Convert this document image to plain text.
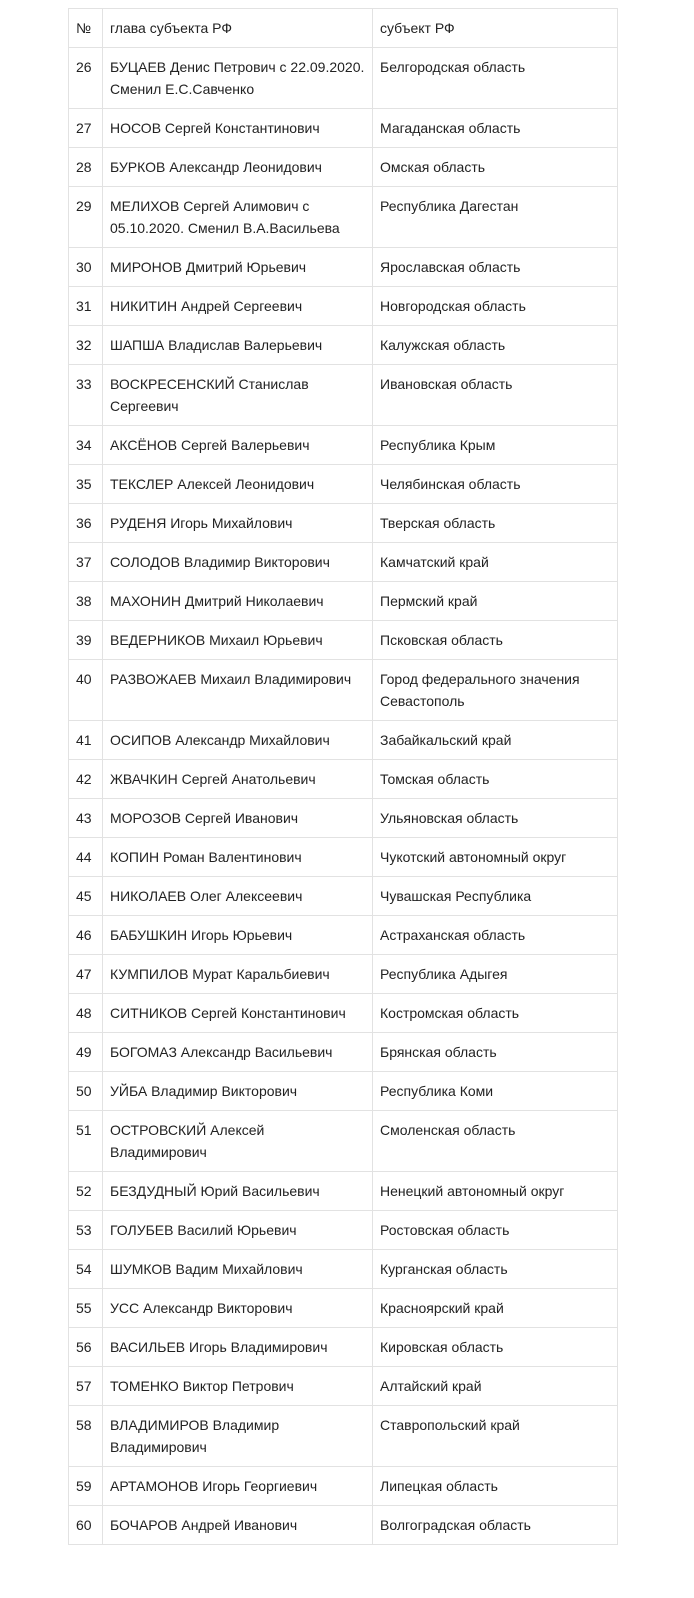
№	глава субъекта РФ	субъект РФ
26	БУЦАЕВ Денис Петрович с 22.09.2020. Сменил Е.С.Савченко	Белгородская область
27	НОСОВ Сергей Константинович	Магаданская область
28	БУРКОВ Александр Леонидович	Омская область
29	МЕЛИХОВ Сергей Алимович с 05.10.2020. Сменил В.А.Васильева	Республика Дагестан
30	МИРОНОВ Дмитрий Юрьевич	Ярославская область
31	НИКИТИН Андрей Сергеевич	Новгородская область
32	ШАПША Владислав Валерьевич	Калужская область
33	ВОСКРЕСЕНСКИЙ Станислав Сергеевич	Ивановская область
34	АКСЁНОВ Сергей Валерьевич	Республика Крым
35	ТЕКСЛЕР Алексей Леонидович	Челябинская область
36	РУДЕНЯ Игорь Михайлович	Тверская область
37	СОЛОДОВ Владимир Викторович	Камчатский край
38	МАХОНИН Дмитрий Николаевич	Пермский край
39	ВЕДЕРНИКОВ Михаил Юрьевич	Псковская область
40	РАЗВОЖАЕВ Михаил Владимирович	Город федерального значения Севастополь
41	ОСИПОВ Александр Михайлович	Забайкальский край
42	ЖВАЧКИН Сергей Анатольевич	Томская область
43	МОРОЗОВ Сергей Иванович	Ульяновская область
44	КОПИН Роман Валентинович	Чукотский автономный округ
45	НИКОЛАЕВ Олег Алексеевич	Чувашская Республика
46	БАБУШКИН Игорь Юрьевич	Астраханская область
47	КУМПИЛОВ Мурат Каральбиевич	Республика Адыгея
48	СИТНИКОВ Сергей Константинович	Костромская область
49	БОГОМАЗ Александр Васильевич	Брянская область
50	УЙБА Владимир Викторович	Республика Коми
51	ОСТРОВСКИЙ Алексей Владимирович	Смоленская область
52	БЕЗДУДНЫЙ Юрий Васильевич	Ненецкий автономный округ
53	ГОЛУБЕВ Василий Юрьевич	Ростовская область
54	ШУМКОВ Вадим Михайлович	Курганская область
55	УСС Александр Викторович	Красноярский край
56	ВАСИЛЬЕВ Игорь Владимирович	Кировская область
57	ТОМЕНКО Виктор Петрович	Алтайский край
58	ВЛАДИМИРОВ Владимир Владимирович	Ставропольский край
59	АРТАМОНОВ Игорь Георгиевич	Липецкая область
60	БОЧАРОВ Андрей Иванович	Волгоградская область
